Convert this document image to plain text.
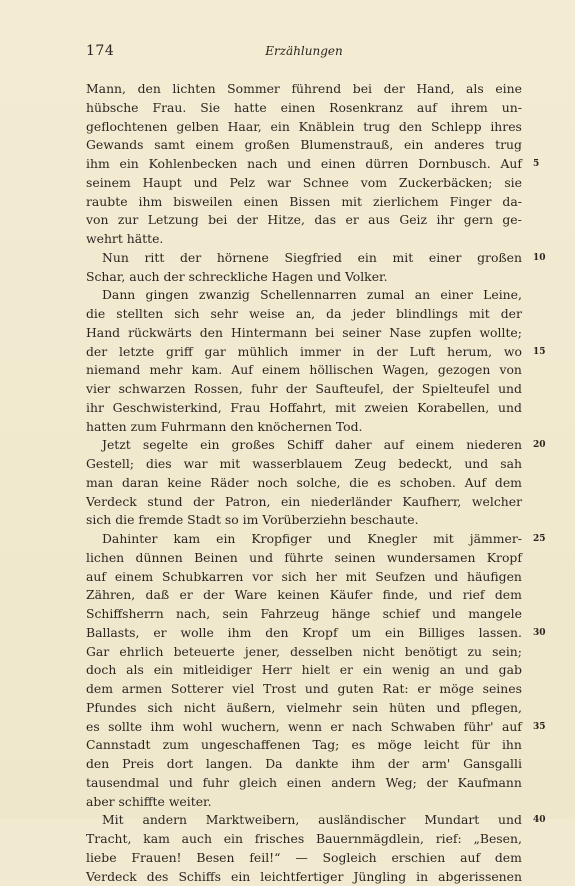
174	Erzählungen
Mann, den lichten Sommer führend bei der Hand, als eine
hübsche Frau. Sie hatte einen Rosenkranz auf ihrem un-
geflochtenen gelben Haar, ein Knäblein trug den Schlepp ihres
Gewands samt einem großen Blumenstrauß, ein anderes trug
ihm ein Kohlenbecken nach und einen dürren Dornbusch. Auf 5
seinem Haupt und Pelz war Schnee vom Zuckerbäcken; sie
raubte ihm bisweilen einen Bissen mit zierlichem Finger da-
von zur Letzung bei der Hitze, das er aus Geiz ihr gern ge-
wehrt hätte.
Nun ritt der hörnene Siegfried ein mit einer großen 10
Schar, auch der schreckliche Hagen und Volker.
Dann gingen zwanzig Schellennarren zumal an einer Leine,
die stellten sich sehr weise an, da jeder blindlings mit der
Hand rückwärts den Hintermann bei seiner Nase zupfen wollte;
der letzte griff gar mühlich immer in der Luft herum, wo 15
niemand mehr kam. Auf einem höllischen Wagen, gezogen von
vier schwarzen Rossen, fuhr der Saufteufel, der Spielteufel und
ihr Geschwisterkind, Frau Hoffahrt, mit zweien Korabellen, und
hatten zum Fuhrmann den knöchernen Tod.
Jetzt segelte ein großes Schiff daher auf einem niederen 20
Gestell; dies war mit wasserblauem Zeug bedeckt, und sah
man daran keine Räder noch solche, die es schoben. Auf dem
Verdeck stund der Patron, ein niederländer Kaufherr, welcher
sich die fremde Stadt so im Vorüberziehn beschaute.
Dahinter kam ein Kropfiger und Knegler mit jämmer- 25
lichen dünnen Beinen und führte seinen wundersamen Kropf
auf einem Schubkarren vor sich her mit Seufzen und häufigen
Zähren, daß er der Ware keinen Käufer finde, und rief dem
Schiffsherrn nach, sein Fahrzeug hänge schief und mangele
Ballasts, er wolle ihm den Kropf um ein Billiges lassen. 30
Gar ehrlich beteuerte jener, desselben nicht benötigt zu sein;
doch als ein mitleidiger Herr hielt er ein wenig an und gab
dem armen Sotterer viel Trost und guten Rat: er möge seines
Pfundes sich nicht äußern, vielmehr sein hüten und pflegen,
es sollte ihm wohl wuchern, wenn er nach Schwaben führ' auf 35
Cannstadt zum ungeschaffenen Tag; es möge leicht für ihn
den Preis dort langen. Da dankte ihm der arm' Gansgalli
tausendmal und fuhr gleich einen andern Weg; der Kaufmann
aber schiffte weiter.
Mit andern Marktweibern, ausländischer Mundart und 40
Tracht, kam auch ein frisches Bauernmägdlein, rief: „Besen,
liebe Frauen! Besen feil!“ — Sogleich erschien auf dem
Verdeck des Schiffs ein leichtfertiger Jüngling in abgerissenen
